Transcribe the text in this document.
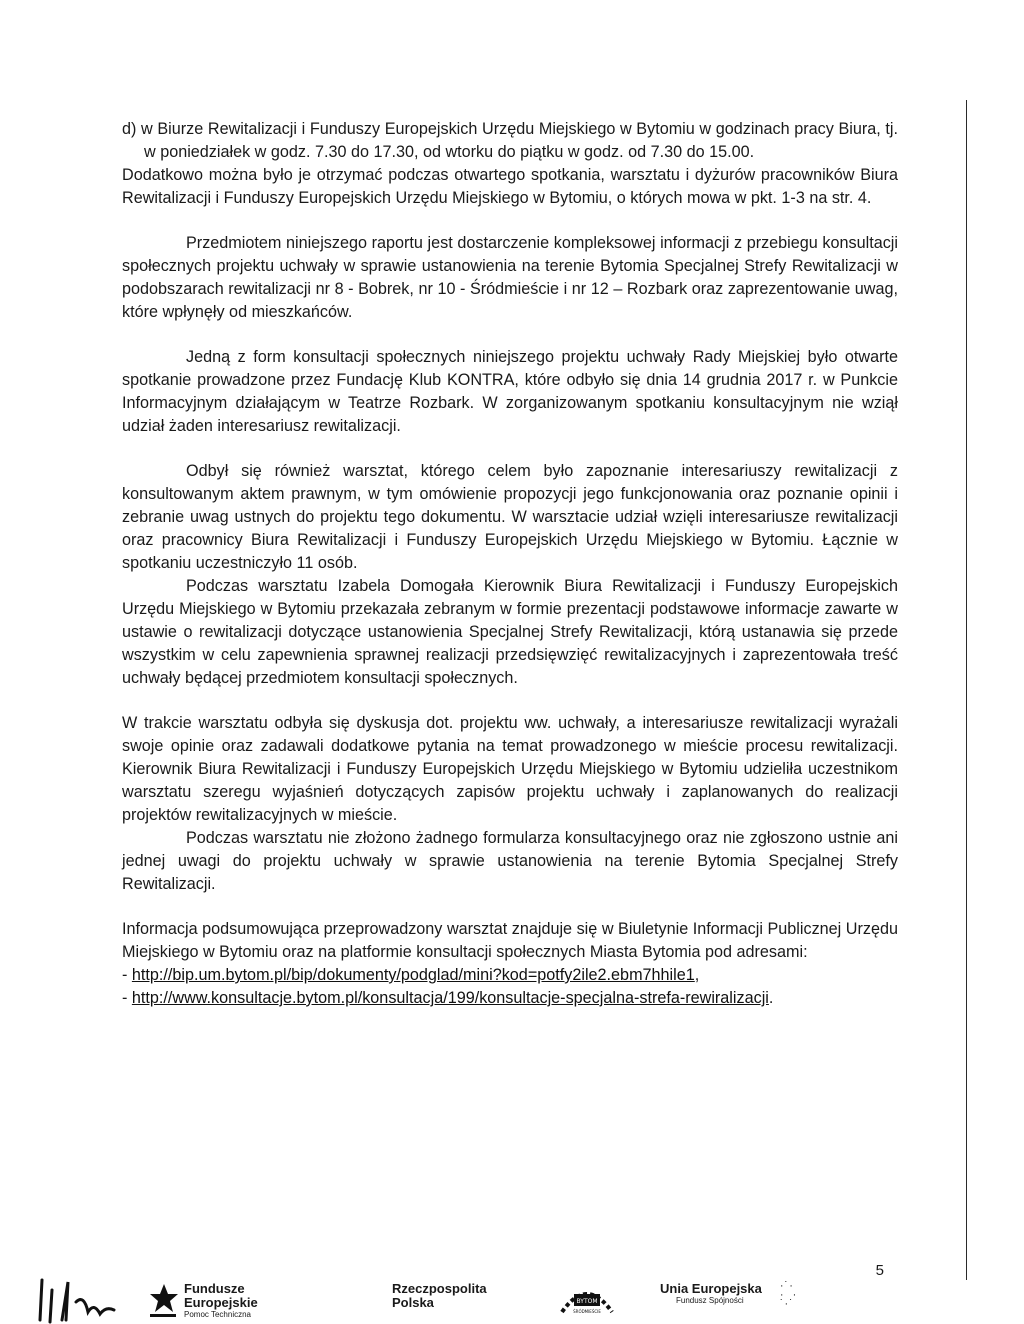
d) w Biurze Rewitalizacji i Funduszy Europejskich Urzędu Miejskiego w Bytomiu w godzinach pracy Biura, tj. w poniedziałek w godz. 7.30 do 17.30, od wtorku do piątku w godz. od 7.30 do 15.00.

Dodatkowo można było je otrzymać podczas otwartego spotkania, warsztatu i dyżurów pracowników Biura Rewitalizacji i Funduszy Europejskich Urzędu Miejskiego w Bytomiu, o których mowa w pkt. 1-3 na str. 4.

Przedmiotem niniejszego raportu jest dostarczenie kompleksowej informacji z przebiegu konsultacji społecznych projektu uchwały w sprawie ustanowienia na terenie Bytomia Specjalnej Strefy Rewitalizacji w podobszarach rewitalizacji nr 8 - Bobrek, nr 10 - Śródmieście i nr 12 – Rozbark oraz zaprezentowanie uwag, które wpłynęły od mieszkańców.

Jedną z form konsultacji społecznych niniejszego projektu uchwały Rady Miejskiej było otwarte spotkanie prowadzone przez Fundację Klub KONTRA, które odbyło się dnia 14 grudnia 2017 r. w Punkcie Informacyjnym działającym w Teatrze Rozbark. W zorganizowanym spotkaniu konsultacyjnym nie wziął udział żaden interesariusz rewitalizacji.

Odbył się również warsztat, którego celem było zapoznanie interesariuszy rewitalizacji z konsultowanym aktem prawnym, w tym omówienie propozycji jego funkcjonowania oraz poznanie opinii i zebranie uwag ustnych do projektu tego dokumentu. W warsztacie udział wzięli interesariusze rewitalizacji oraz pracownicy Biura Rewitalizacji i Funduszy Europejskich Urzędu Miejskiego w Bytomiu. Łącznie w spotkaniu uczestniczyło 11 osób.

Podczas warsztatu Izabela Domogała Kierownik Biura Rewitalizacji i Funduszy Europejskich Urzędu Miejskiego w Bytomiu przekazała zebranym w formie prezentacji podstawowe informacje zawarte w ustawie o rewitalizacji dotyczące ustanowienia Specjalnej Strefy Rewitalizacji, którą ustanawia się przede wszystkim w celu zapewnienia sprawnej realizacji przedsięwzięć rewitalizacyjnych i zaprezentowała treść uchwały będącej przedmiotem konsultacji społecznych.

W trakcie warsztatu odbyła się dyskusja dot. projektu ww. uchwały, a interesariusze rewitalizacji wyrażali swoje opinie oraz zadawali dodatkowe pytania na temat prowadzonego w mieście procesu rewitalizacji. Kierownik Biura Rewitalizacji i Funduszy Europejskich Urzędu Miejskiego w Bytomiu udzieliła uczestnikom warsztatu szeregu wyjaśnień dotyczących zapisów projektu uchwały i zaplanowanych do realizacji projektów rewitalizacyjnych w mieście.

Podczas warsztatu nie złożono żadnego formularza konsultacyjnego oraz nie zgłoszono ustnie ani jednej uwagi do projektu uchwały w sprawie ustanowienia na terenie Bytomia Specjalnej Strefy Rewitalizacji.

Informacja podsumowująca przeprowadzony warsztat znajduje się w Biuletynie Informacji Publicznej Urzędu Miejskiego w Bytomiu oraz na platformie konsultacji społecznych Miasta Bytomia pod adresami:

- http://bip.um.bytom.pl/bip/dokumenty/podglad/mini?kod=potfy2ile2.ebm7hhile1,

- http://www.konsultacje.bytom.pl/konsultacja/199/konsultacje-specjalna-strefa-rewiralizacji.

5
Fundusze
Europejskie
Pomoc Techniczna
Rzeczpospolita
Polska	BYTOM
ŚRÓDMIEŚCIE
Unia Europejska
Fundusz Spójności
·˙·
·  ·
˙·˙
